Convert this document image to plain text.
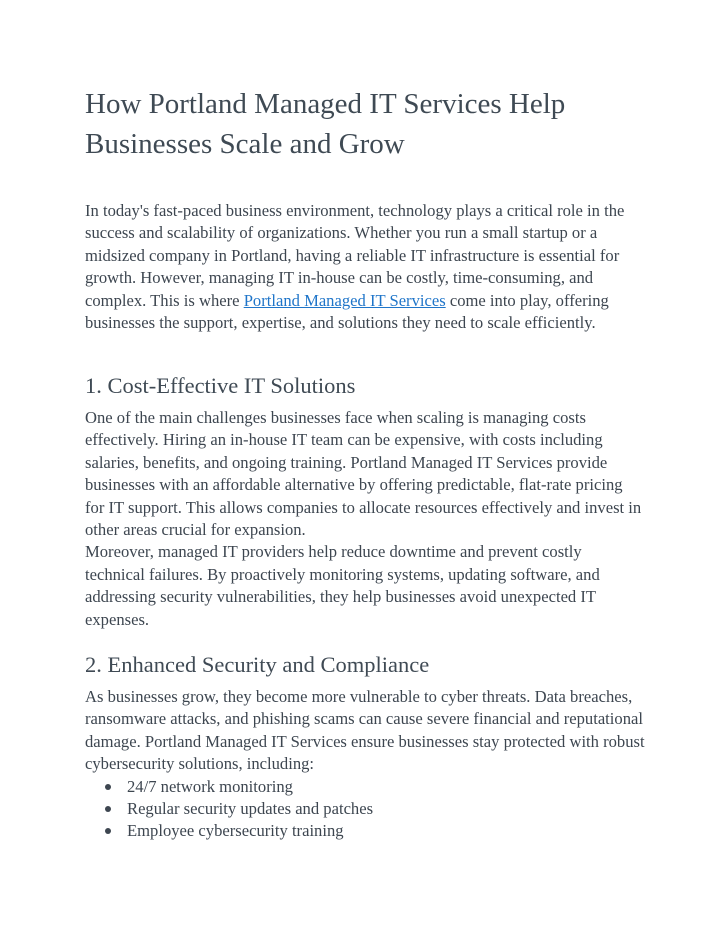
How Portland Managed IT Services Help Businesses Scale and Grow

In today's fast-paced business environment, technology plays a critical role in the success and scalability of organizations. Whether you run a small startup or a midsized company in Portland, having a reliable IT infrastructure is essential for growth. However, managing IT in-house can be costly, time-consuming, and complex. This is where Portland Managed IT Services come into play, offering businesses the support, expertise, and solutions they need to scale efficiently.

1. Cost-Effective IT Solutions

One of the main challenges businesses face when scaling is managing costs effectively. Hiring an in-house IT team can be expensive, with costs including salaries, benefits, and ongoing training. Portland Managed IT Services provide businesses with an affordable alternative by offering predictable, flat-rate pricing for IT support. This allows companies to allocate resources effectively and invest in other areas crucial for expansion.

Moreover, managed IT providers help reduce downtime and prevent costly technical failures. By proactively monitoring systems, updating software, and addressing security vulnerabilities, they help businesses avoid unexpected IT expenses.

2. Enhanced Security and Compliance

As businesses grow, they become more vulnerable to cyber threats. Data breaches, ransomware attacks, and phishing scams can cause severe financial and reputational damage. Portland Managed IT Services ensure businesses stay protected with robust cybersecurity solutions, including:

24/7 network monitoring
Regular security updates and patches
Employee cybersecurity training
